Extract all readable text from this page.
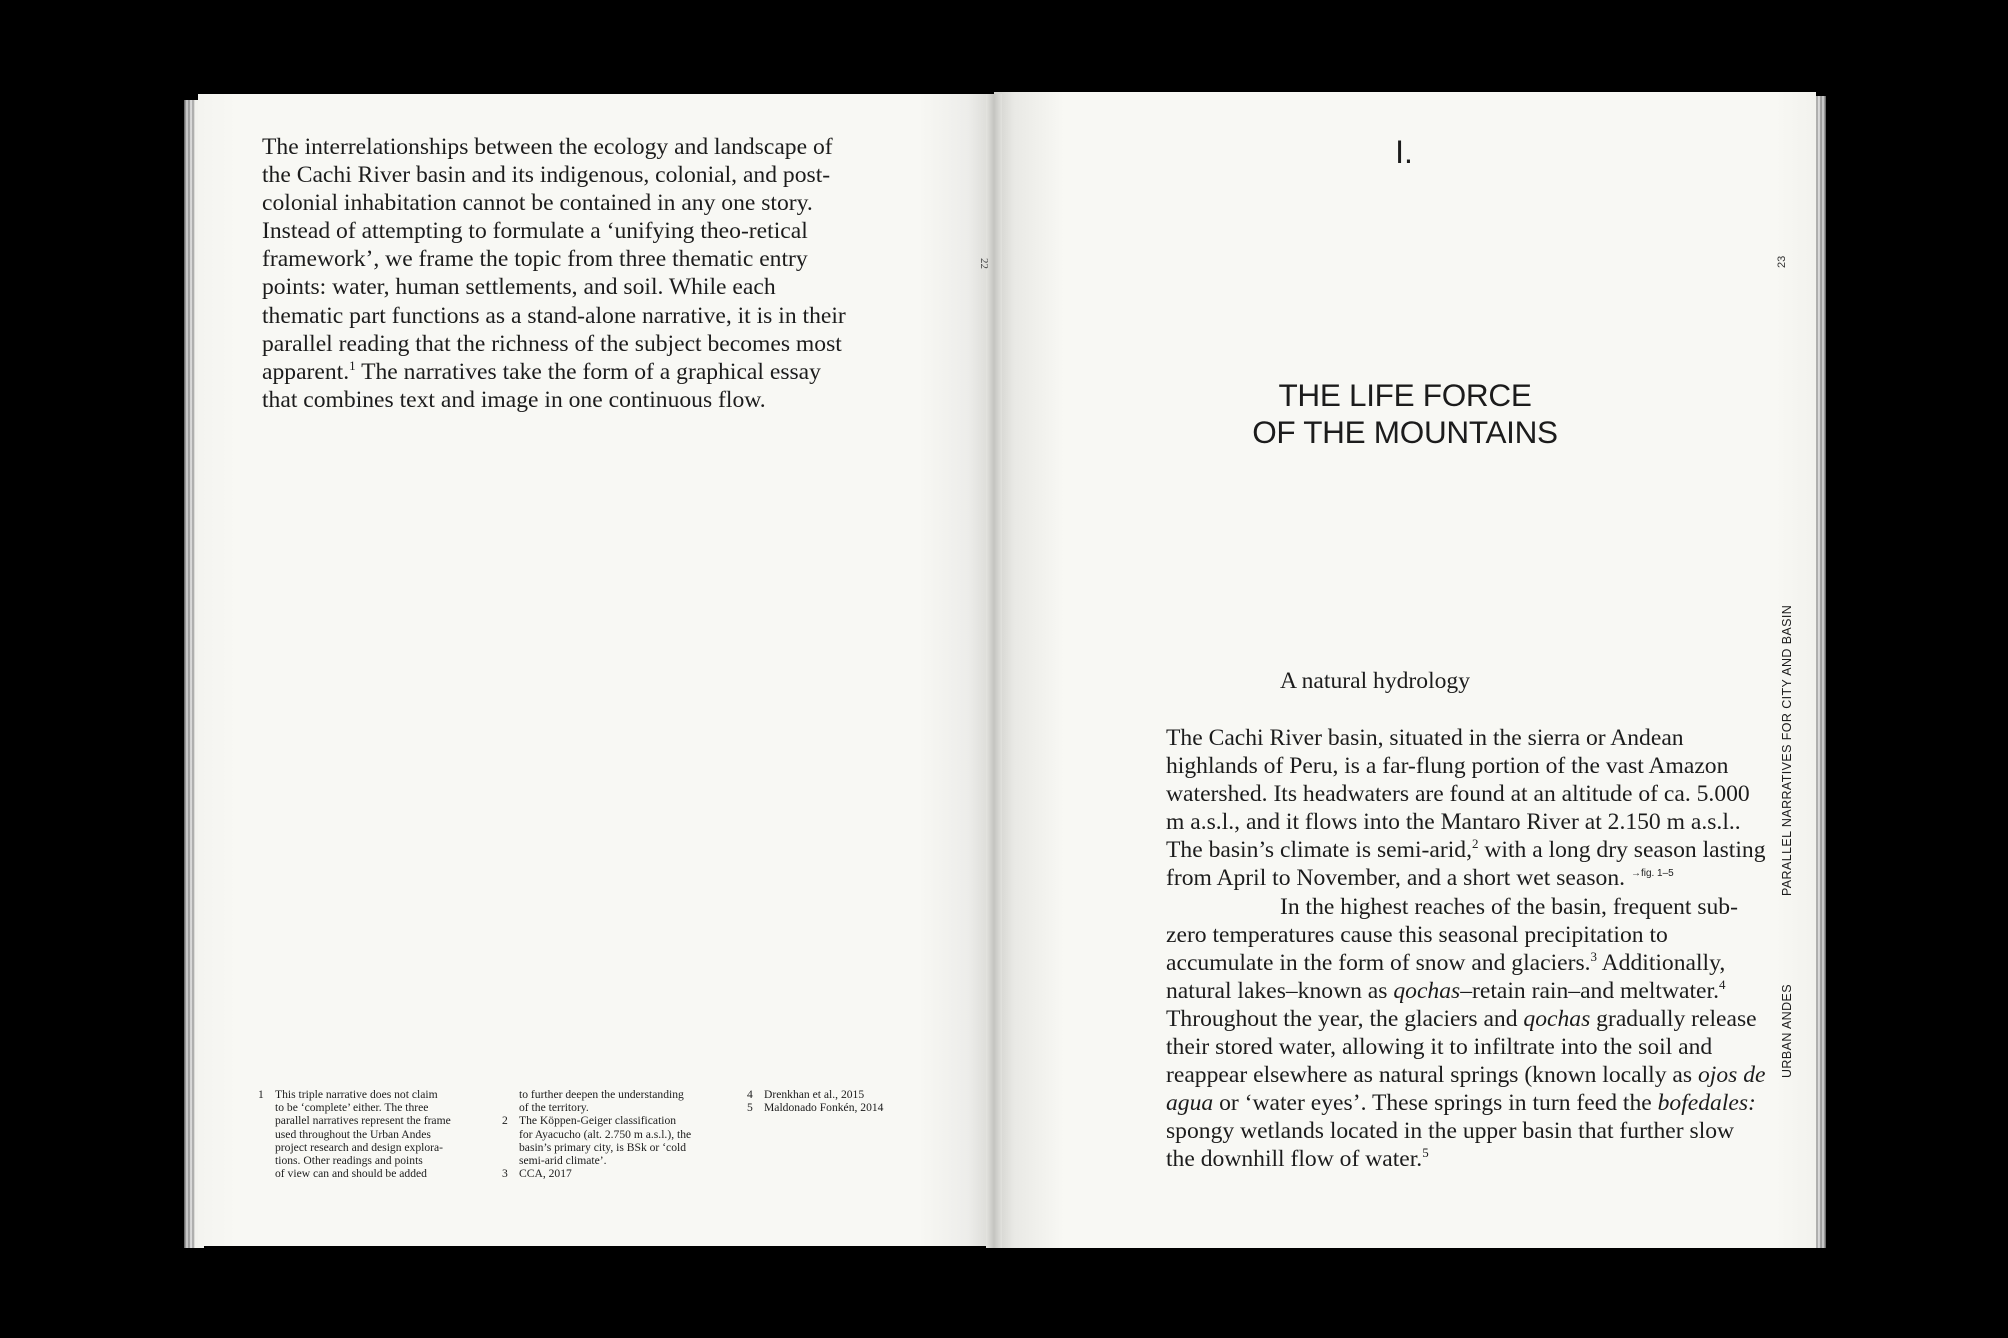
The interrelationships between the ecology and landscape of the Cachi River basin and its indigenous, colonial, and post-colonial inhabitation cannot be contained in any one story. Instead of attempting to formulate a ‘unifying theo-retical framework’, we frame the topic from three thematic entry points: water, human settlements, and soil. While each thematic part functions as a stand-alone narrative, it is in their parallel reading that the richness of the subject becomes most apparent.$^1$ The narratives take the form of a graphical essay that combines text and image in one continuous flow.

22
1 This triple narrative does not claim
to be ‘complete’ either. The three
parallel narratives represent the frame
used throughout the Urban Andes
project research and design explora-
tions. Other readings and points
of view can and should be added
to further deepen the understanding
of the territory.
2 The Köppen-Geiger classification
for Ayacucho (alt. 2.750 m a.s.l.), the
basin’s primary city, is BSk or ‘cold
semi-arid climate’.
3 CCA, 2017
4 Drenkhan et al., 2015
5 Maldonado Fonkén, 2014
I.
THE LIFE FORCE
OF THE MOUNTAINS
23
PARALLEL NARRATIVES FOR CITY AND BASIN
URBAN ANDES
A natural hydrology

The Cachi River basin, situated in the sierra or Andean highlands of Peru, is a far-flung portion of the vast Amazon watershed. Its headwaters are found at an altitude of ca. 5.000 m a.s.l., and it flows into the Mantaro River at 2.150 m a.s.l.. The basin’s climate is semi-arid,$^2$ with a long dry season lasting from April to November, and a short wet season. $^{\to fig. 1-5}$

In the highest reaches of the basin, frequent sub-zero temperatures cause this seasonal precipitation to accumulate in the form of snow and glaciers.$^3$ Additionally, natural lakes–known as qochas–retain rain–and meltwater.$^4$ Throughout the year, the glaciers and qochas gradually release their stored water, allowing it to infiltrate into the soil and reappear elsewhere as natural springs (known locally as ojos de agua or ‘water eyes’. These springs in turn feed the bofedales: spongy wetlands located in the upper basin that further slow the downhill flow of water.$^5$
